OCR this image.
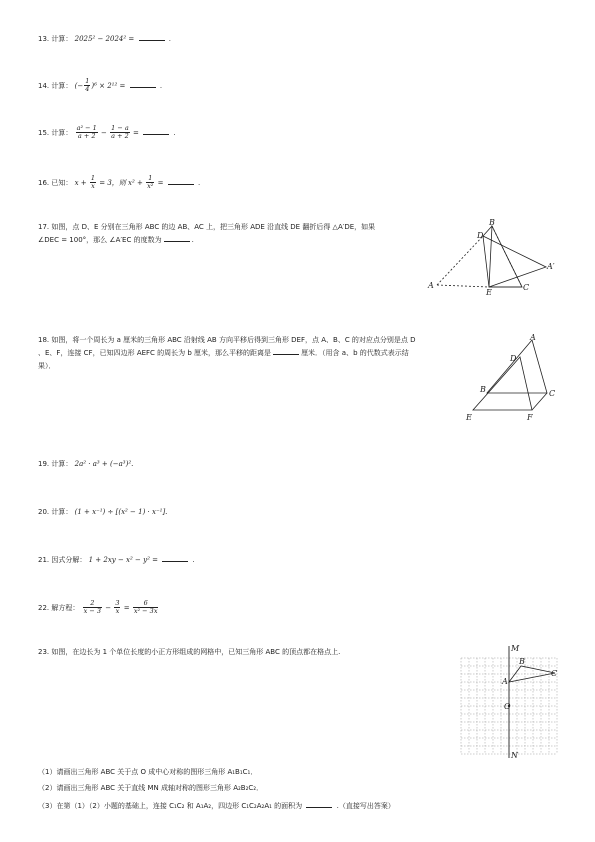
13. 计算： 2025² − 2024² =	.
14. 计算： (− $\frac{1}{4} )^6 \times 2^{12}$ =	.
15. 计算： $\frac{\text{a² − 1}}{a + 2} - \frac{1 - a}{a + 2}$ =	.
16. 已知： $x + \frac{1}{x} = 3$，则 $x^2 + \frac{1}{\text{x²}}$ =	.
17. 如图，点 D、E 分别在三角形 ABC 的边 AB、AC 上，把三角形 ADE 沿直线 DE 翻折后得 △A′DE，如果
∠DEC = 100°，那么 ∠A′EC 的度数为	.
A
B
C
D
E
A′
18. 如图，将一个周长为 a 厘米的三角形 ABC 沿射线 AB 方向平移后得到三角形 DEF，点 A、B、C 的对应点分别是点 D
、E、F，连接 CF，已知四边形 AEFC 的周长为 b 厘米，那么平移的距离是	厘米．（用含 a、b 的代数式表示结
果）．
A
B	C
D
E	F
19. 计算： 2a² · a³ + (−a³)².
20. 计算： (1 + x⁻¹) ÷ [(x² − 1) · x⁻¹].
21. 因式分解： 1 + 2xy − x² − y² =	.
22. 解方程： $\frac{2}{x - 3} - \frac{3}{x} = \frac{6}{\text{x² − 3x}}$
23. 如图，在边长为 1 个单位长度的小正方形组成的网格中，已知三角形 ABC 的顶点都在格点上.	M
N
O
A
B
C
（1）请画出三角形 ABC 关于点 O 成中心对称的图形三角形 A₁B₁C₁．
（2）请画出三角形 ABC 关于直线 MN 成轴对称的图形三角形 A₂B₂C₂．
（3）在第（1）（2）小题的基础上，连接 C₁C₂ 和 A₁A₂，四边形 C₁C₂A₂A₁ 的面积为	.（直接写出答案）
